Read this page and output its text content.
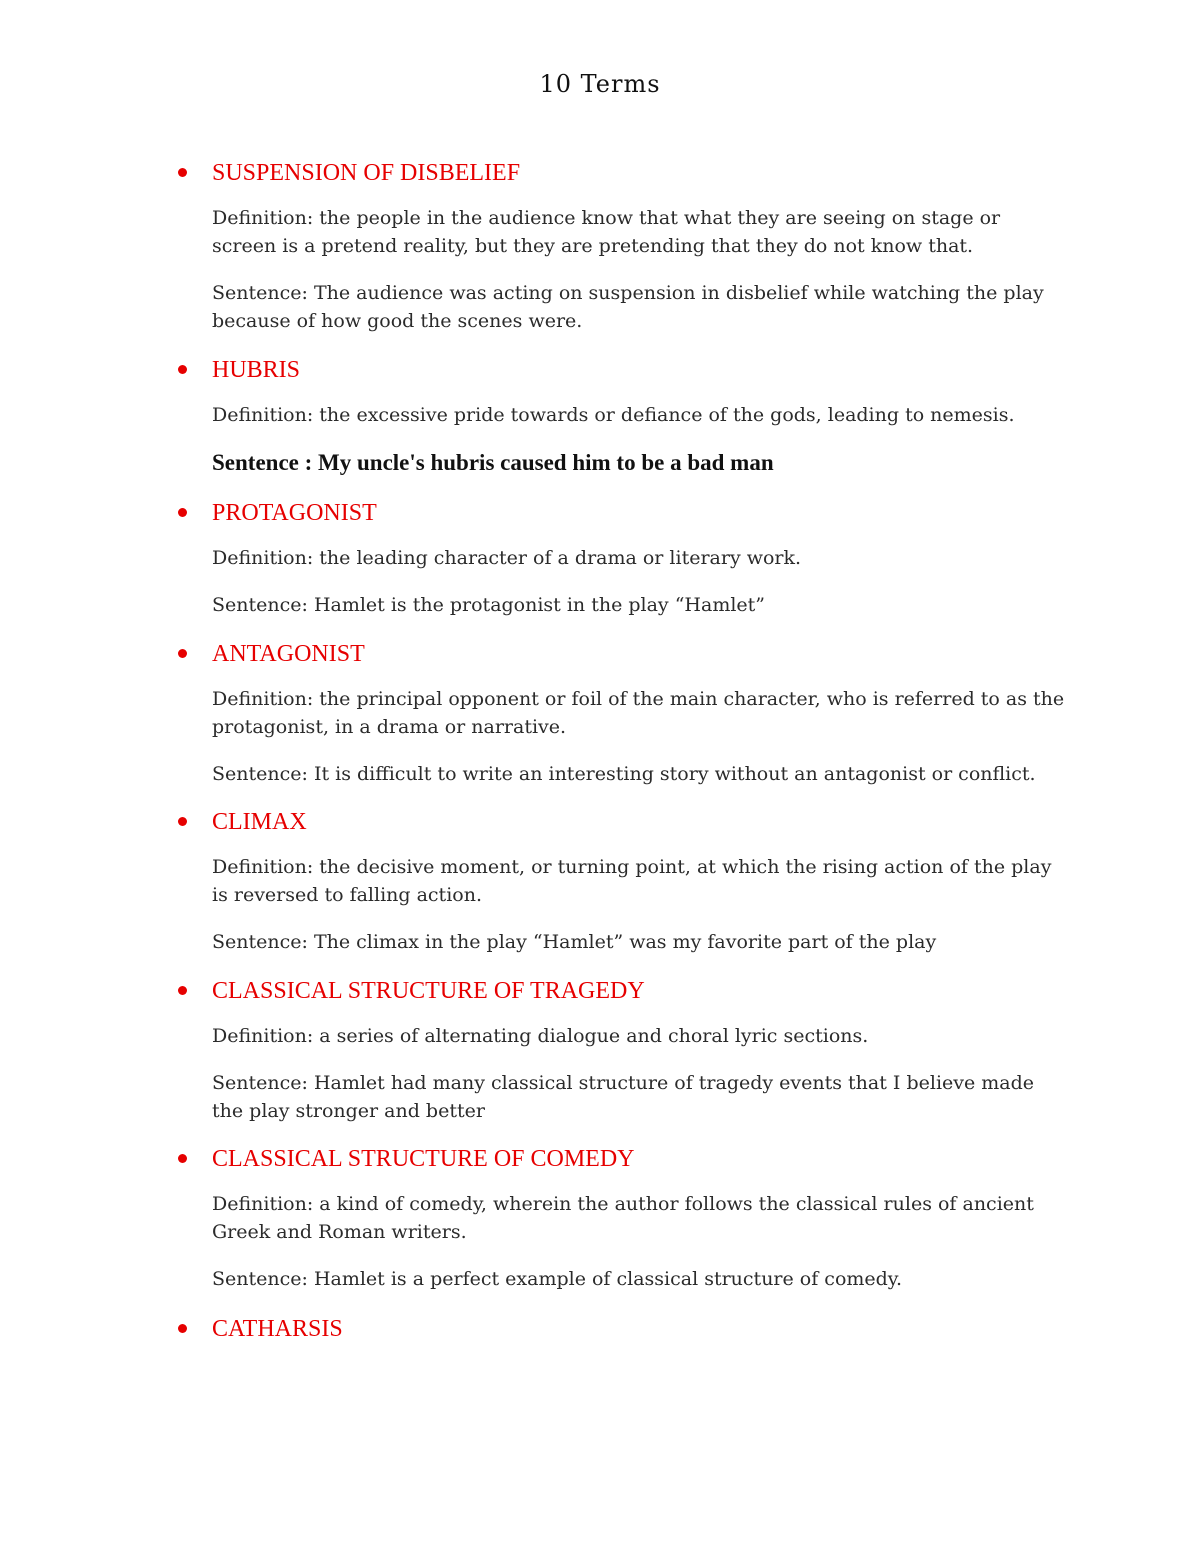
10 Terms
SUSPENSION OF DISBELIEF

Definition: the people in the audience know that what they are seeing on stage or screen is a pretend reality, but they are pretending that they do not know that.

Sentence: The audience was acting on suspension in disbelief while watching the play because of how good the scenes were.

HUBRIS

Definition: the excessive pride towards or defiance of the gods, leading to nemesis.

Sentence : My uncle's hubris caused him to be a bad man

PROTAGONIST

Definition: the leading character of a drama or literary work.

Sentence: Hamlet is the protagonist in the play “Hamlet”

ANTAGONIST

Definition: the principal opponent or foil of the main character, who is referred to as the protagonist, in a drama or narrative.

Sentence: It is difficult to write an interesting story without an antagonist or conflict.

CLIMAX

Definition: the decisive moment, or turning point, at which the rising action of the play is reversed to falling action.

Sentence: The climax in the play “Hamlet” was my favorite part of the play

CLASSICAL STRUCTURE OF TRAGEDY

Definition: a series of alternating dialogue and choral lyric sections.

Sentence: Hamlet had many classical structure of tragedy events that I believe made the play stronger and better

CLASSICAL STRUCTURE OF COMEDY

Definition: a kind of comedy, wherein the author follows the classical rules of ancient Greek and Roman writers.

Sentence: Hamlet is a perfect example of classical structure of comedy.

CATHARSIS
